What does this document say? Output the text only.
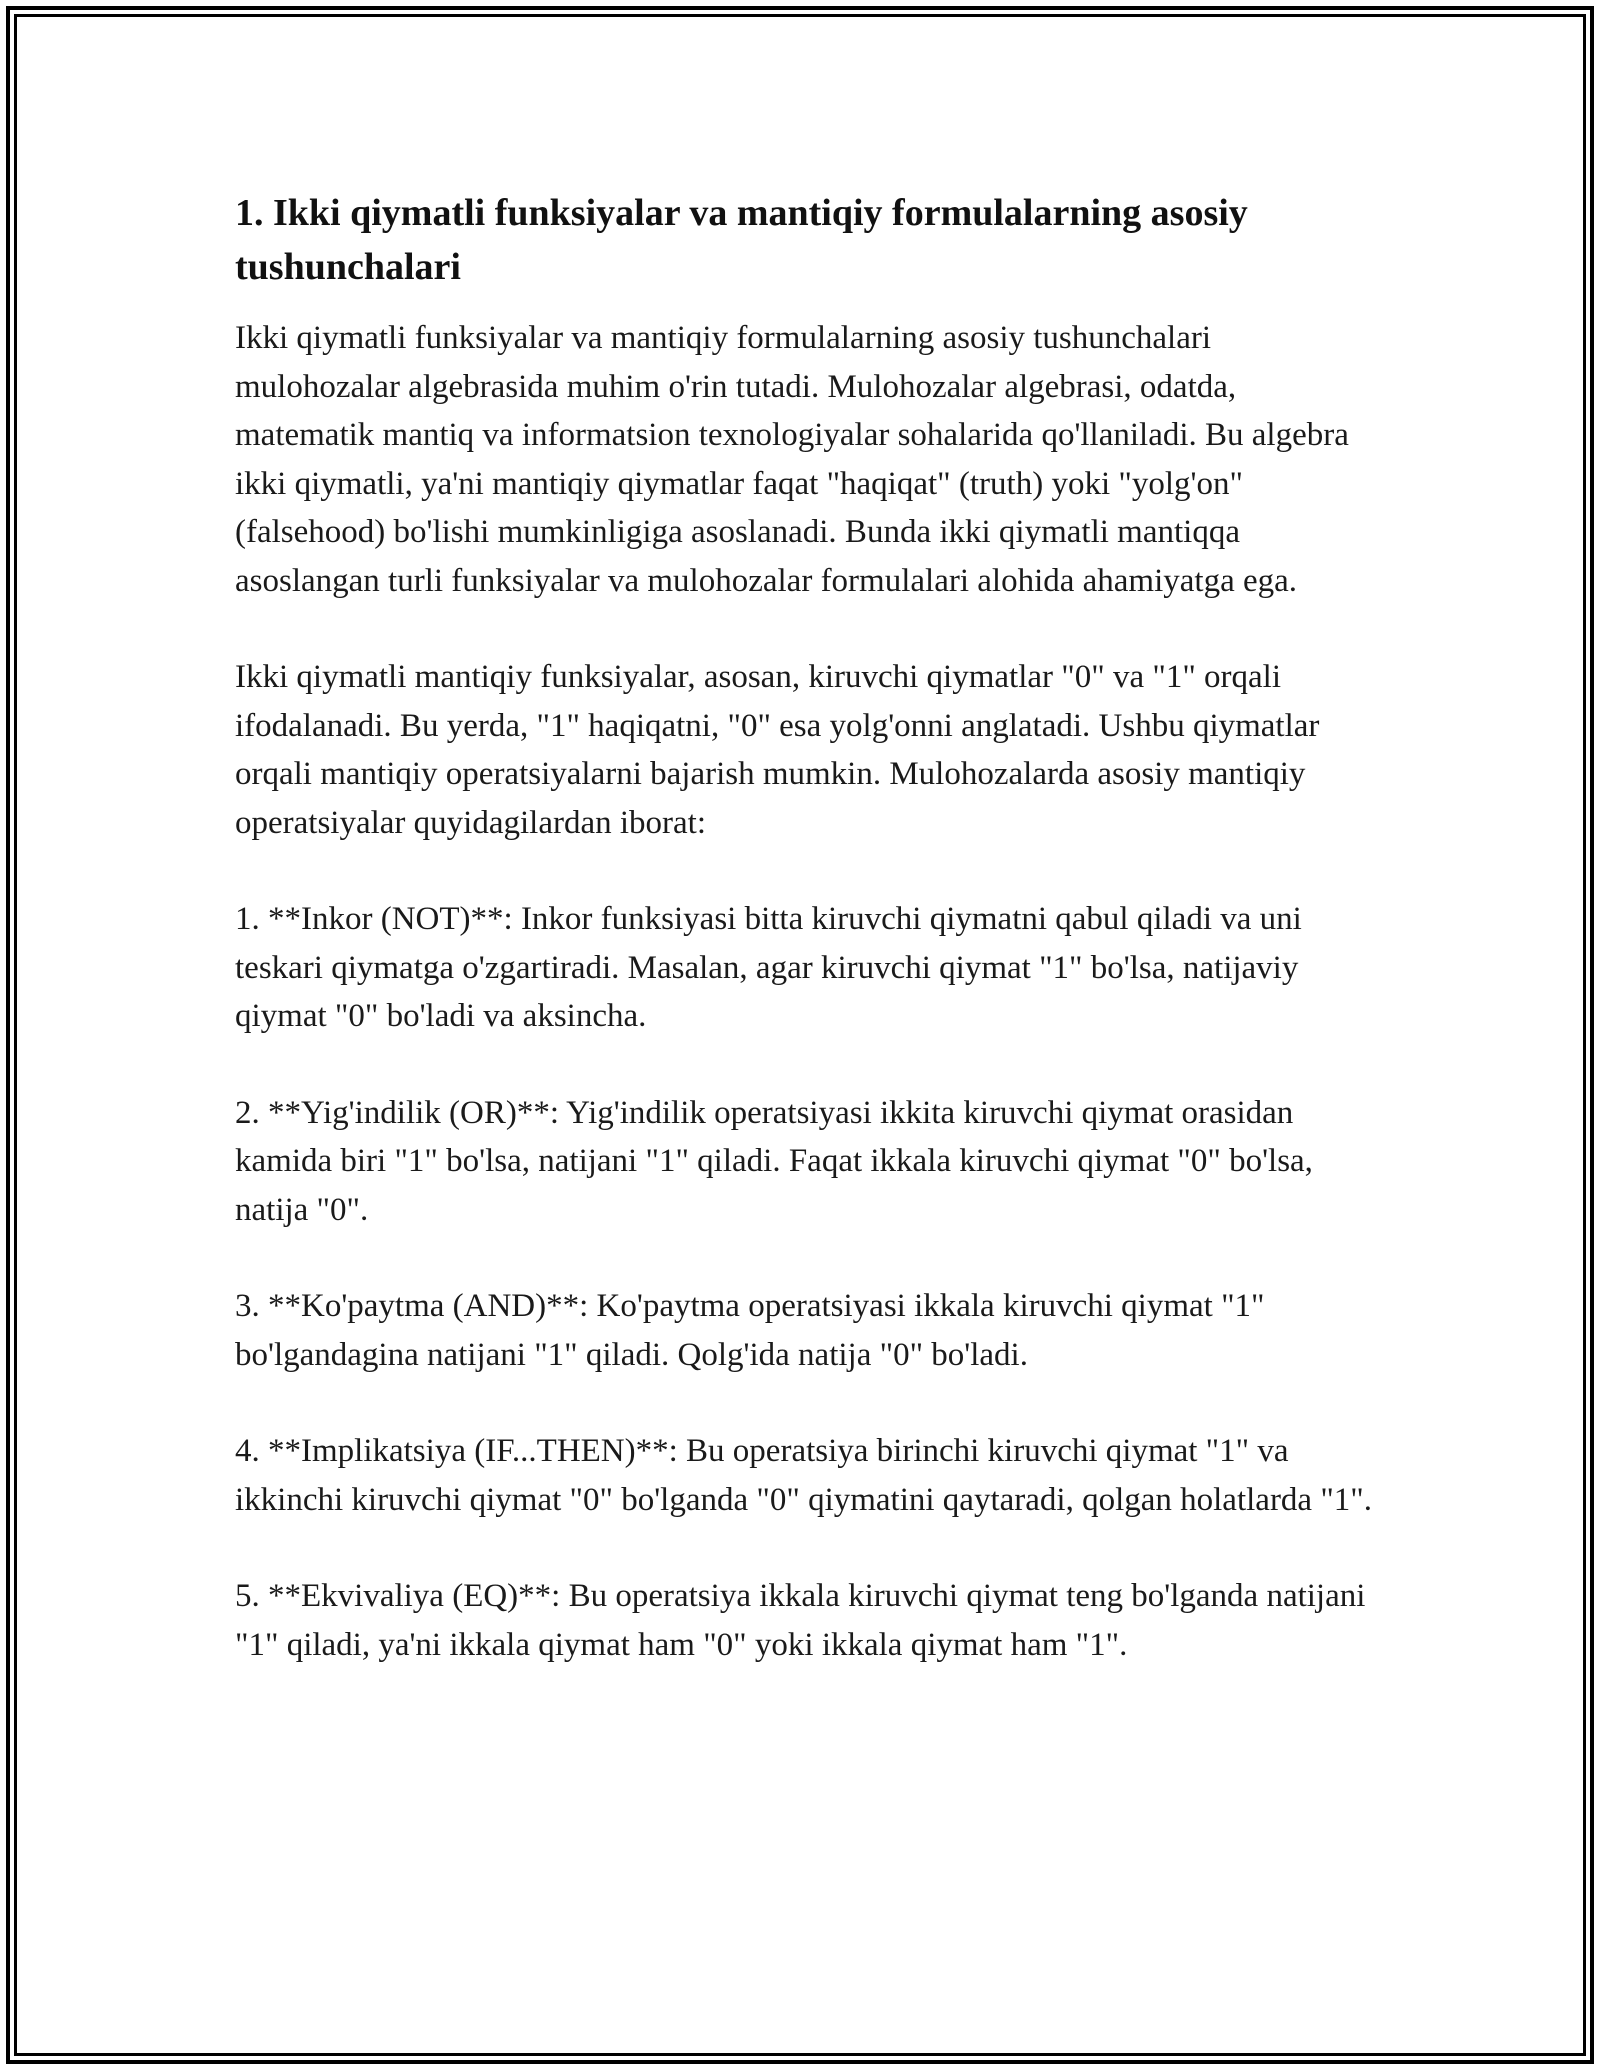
1. Ikki qiymatli funksiyalar va mantiqiy formulalarning asosiy tushunchalari

Ikki qiymatli funksiyalar va mantiqiy formulalarning asosiy tushunchalari mulohozalar algebrasida muhim o'rin tutadi. Mulohozalar algebrasi, odatda, matematik mantiq va informatsion texnologiyalar sohalarida qo'llaniladi. Bu algebra ikki qiymatli, ya'ni mantiqiy qiymatlar faqat "haqiqat" (truth) yoki "yolg'on" (falsehood) bo'lishi mumkinligiga asoslanadi. Bunda ikki qiymatli mantiqqa asoslangan turli funksiyalar va mulohozalar formulalari alohida ahamiyatga ega.

Ikki qiymatli mantiqiy funksiyalar, asosan, kiruvchi qiymatlar "0" va "1" orqali ifodalanadi. Bu yerda, "1" haqiqatni, "0" esa yolg'onni anglatadi. Ushbu qiymatlar orqali mantiqiy operatsiyalarni bajarish mumkin. Mulohozalarda asosiy mantiqiy operatsiyalar quyidagilardan iborat:

1. **Inkor (NOT)**: Inkor funksiyasi bitta kiruvchi qiymatni qabul qiladi va uni teskari qiymatga o'zgartiradi. Masalan, agar kiruvchi qiymat "1" bo'lsa, natijaviy qiymat "0" bo'ladi va aksincha.

2. **Yig'indilik (OR)**: Yig'indilik operatsiyasi ikkita kiruvchi qiymat orasidan kamida biri "1" bo'lsa, natijani "1" qiladi. Faqat ikkala kiruvchi qiymat "0" bo'lsa, natija "0".

3. **Ko'paytma (AND)**: Ko'paytma operatsiyasi ikkala kiruvchi qiymat "1" bo'lgandagina natijani "1" qiladi. Qolg'ida natija "0" bo'ladi.

4. **Implikatsiya (IF...THEN)**: Bu operatsiya birinchi kiruvchi qiymat "1" va ikkinchi kiruvchi qiymat "0" bo'lganda "0" qiymatini qaytaradi, qolgan holatlarda "1".

5. **Ekvivaliya (EQ)**: Bu operatsiya ikkala kiruvchi qiymat teng bo'lganda natijani "1" qiladi, ya'ni ikkala qiymat ham "0" yoki ikkala qiymat ham "1".
